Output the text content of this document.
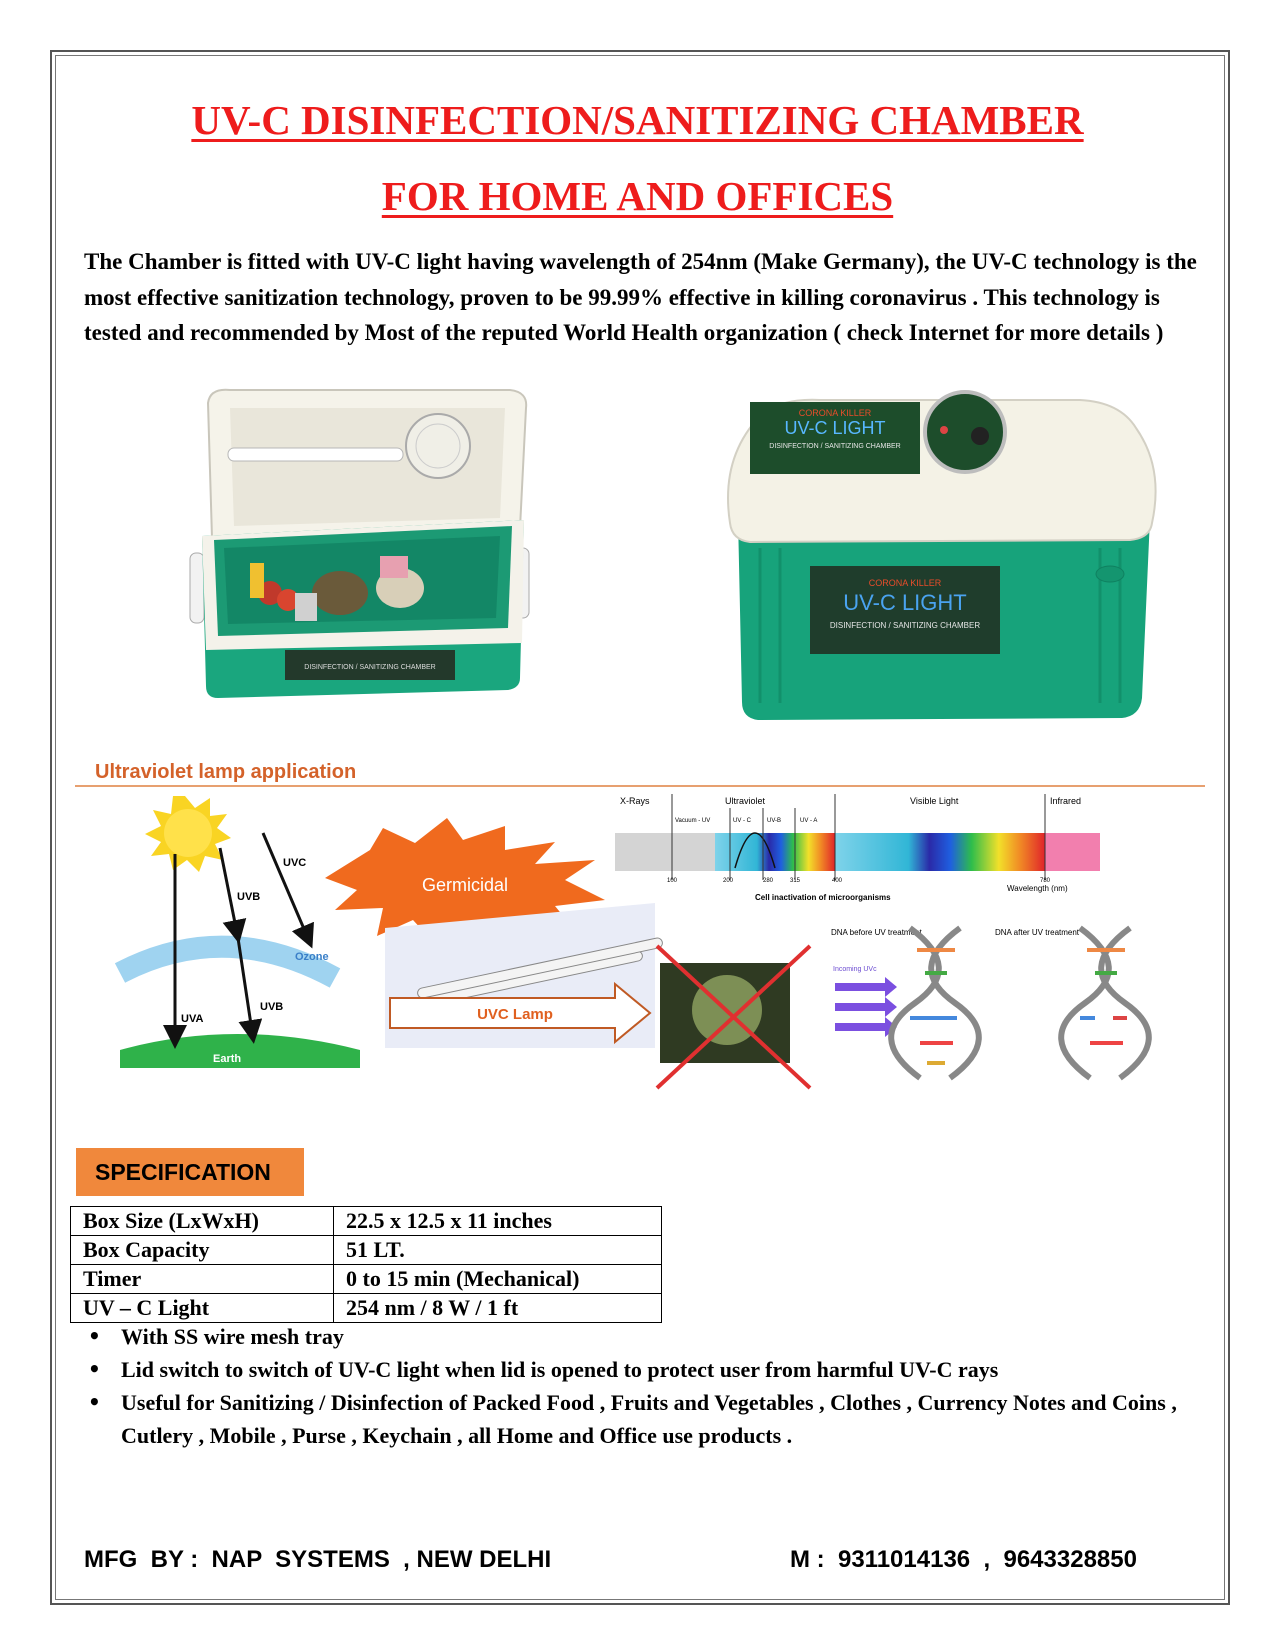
UV-C DISINFECTION/SANITIZING CHAMBER
FOR HOME AND OFFICES
The Chamber is fitted with UV-C light having wavelength of 254nm (Make Germany), the UV-C technology is the most effective sanitization technology, proven to be 99.99% effective in killing coronavirus . This technology is tested and recommended by Most of the reputed World Health organization ( check Internet for more details )
DISINFECTION / SANITIZING CHAMBER
CORONA KILLER
UV-C LIGHT
DISINFECTION / SANITIZING CHAMBER
CORONA KILLER
UV-C LIGHT
DISINFECTION / SANITIZING CHAMBER
Ultraviolet lamp application
Ozone
Earth
UVC
UVB
UVB
UVA
Germicidal
X-Rays	Ultraviolet	Visible Light	Infrared
Vacuum - UV	UV - C	UV-B	UV - A
100	200	280	315	400	780
Wavelength (nm)
Cell inactivation of microorganisms
UVC Lamp
Incoming UVc
DNA before UV treatment	DNA after UV treatment
SPECIFICATION
Box Size (LxWxH)	22.5 x 12.5 x 11 inches
Box Capacity	51 LT.
Timer	0 to 15 min (Mechanical)
UV – C Light	254 nm / 8 W / 1 ft
• With SS wire mesh tray
• Lid switch to switch of UV-C light when lid is opened to protect user from harmful UV-C rays
• Useful for Sanitizing / Disinfection of Packed Food , Fruits and Vegetables , Clothes , Currency Notes and Coins , Cutlery , Mobile , Purse , Keychain , all Home and Office use products .
MFG  BY :  NAP  SYSTEMS  , NEW DELHI	M :  9311014136  ,  9643328850
